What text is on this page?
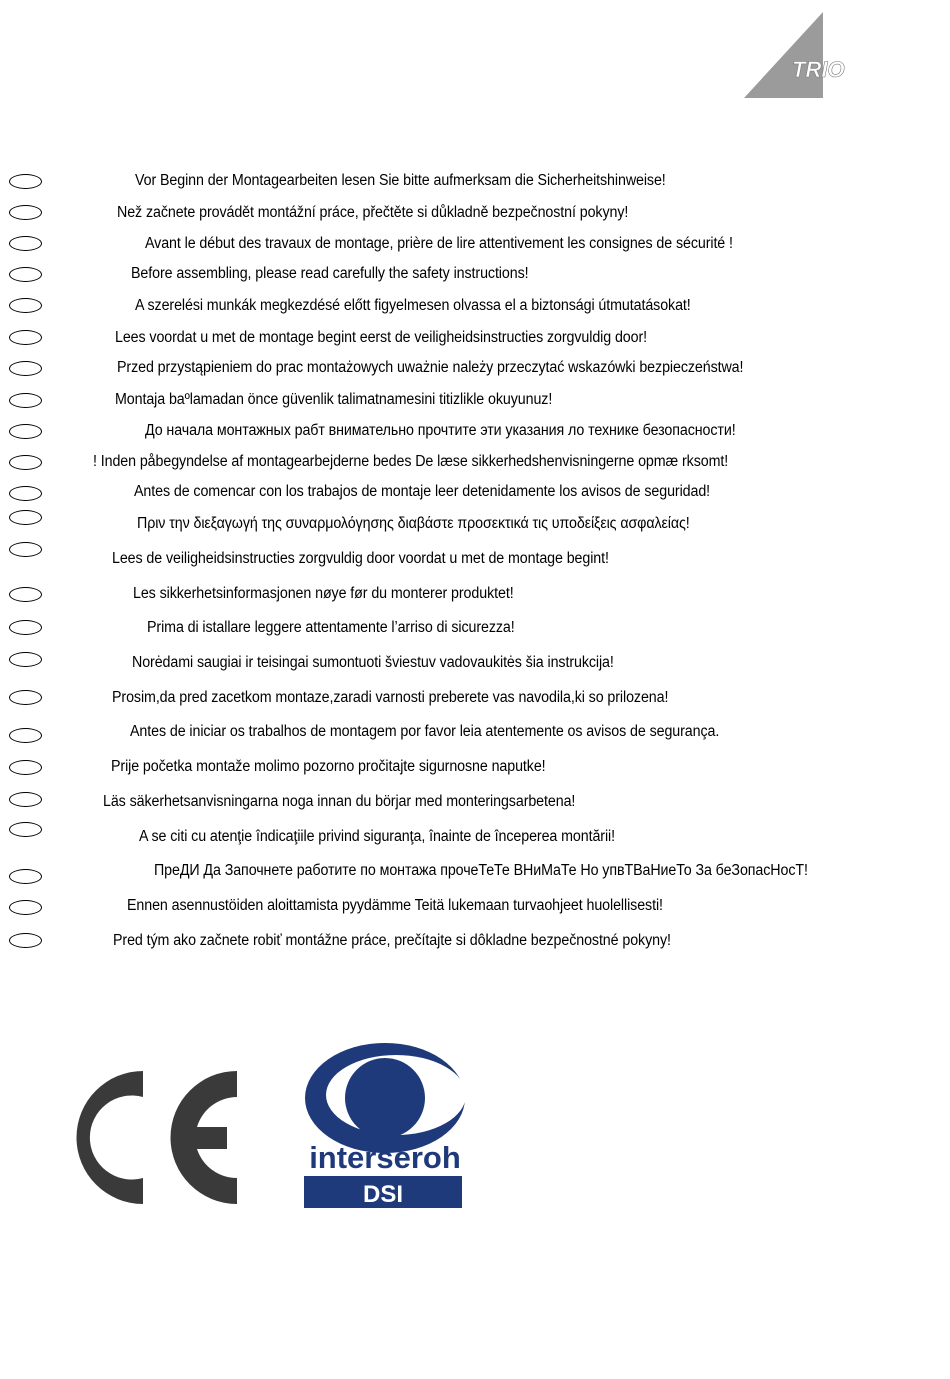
TRIO
Vor Beginn der Montagearbeiten lesen Sie bitte aufmerksam die Sicherheitshinweise!
Než začnete provádět montážní práce, přečtěte si důkladně bezpečnostní pokyny!
Avant le début des travaux de montage, prière de lire attentivement les consignes de sécurité !
Before assembling, please read carefully the safety instructions!
A szerelési munkák megkezdésé előtt figyelmesen olvassa el a biztonsági útmutatásokat!
Lees voordat u met de montage begint eerst de veiligheidsinstructies zorgvuldig door!
Przed przystąpieniem do prac montażowych uważnie należy przeczytać wskazówki bezpieczeństwa!
Montaja baºlamadan önce güvenlik talimatnamesini titizlikle okuyunuz!
До начала монтажных рабт внимательно прочтите эти указания ло технике безопасности!
! Inden påbegyndelse af montagearbejderne bedes De læse sikkerhedshenvisningerne opmæ rksomt!
Antes de comencar con los trabajos de montaje leer detenidamente los avisos de seguridad!
Πριν την διεξαγωγή της συναρμολόγησης διαβάστε προσεκτικά τις υποδείξεις ασφαλείας!
Lees de veiligheidsinstructies zorgvuldig door voordat u met de montage begint!
Les sikkerhetsinformasjonen nøye før du monterer produktet!
Prima di istallare leggere attentamente l’arriso di sicurezza!
Norėdami saugiai ir teisingai sumontuoti šviestuv vadovaukitės šia instrukcija!
Prosim,da pred zacetkom montaze,zaradi varnosti preberete vas navodila,ki so prilozena!
Antes de iniciar os trabalhos de montagem por favor leia atentemente os avisos de segurança.
Prije početka montaže molimo pozorno pročitajte sigurnosne naputke!
Läs säkerhetsanvisningarna noga innan du börjar med monteringsarbetena!
A se citi cu atenţie îndicaţiile privind siguranţa, înainte de începerea montării!
ПреДИ Да Започнете работите по монтажа прочеТеТе ВНиМаТе Но упвТВаНиеТо За беЗопасНосТ!
Ennen asennustöiden aloittamista pyydämme Teitä lukemaan turvaohjeet huolellisesti!
Pred tým ako začnete robiť montážne práce, prečítajte si dôkladne bezpečnostné pokyny!
interseroh
DSI
